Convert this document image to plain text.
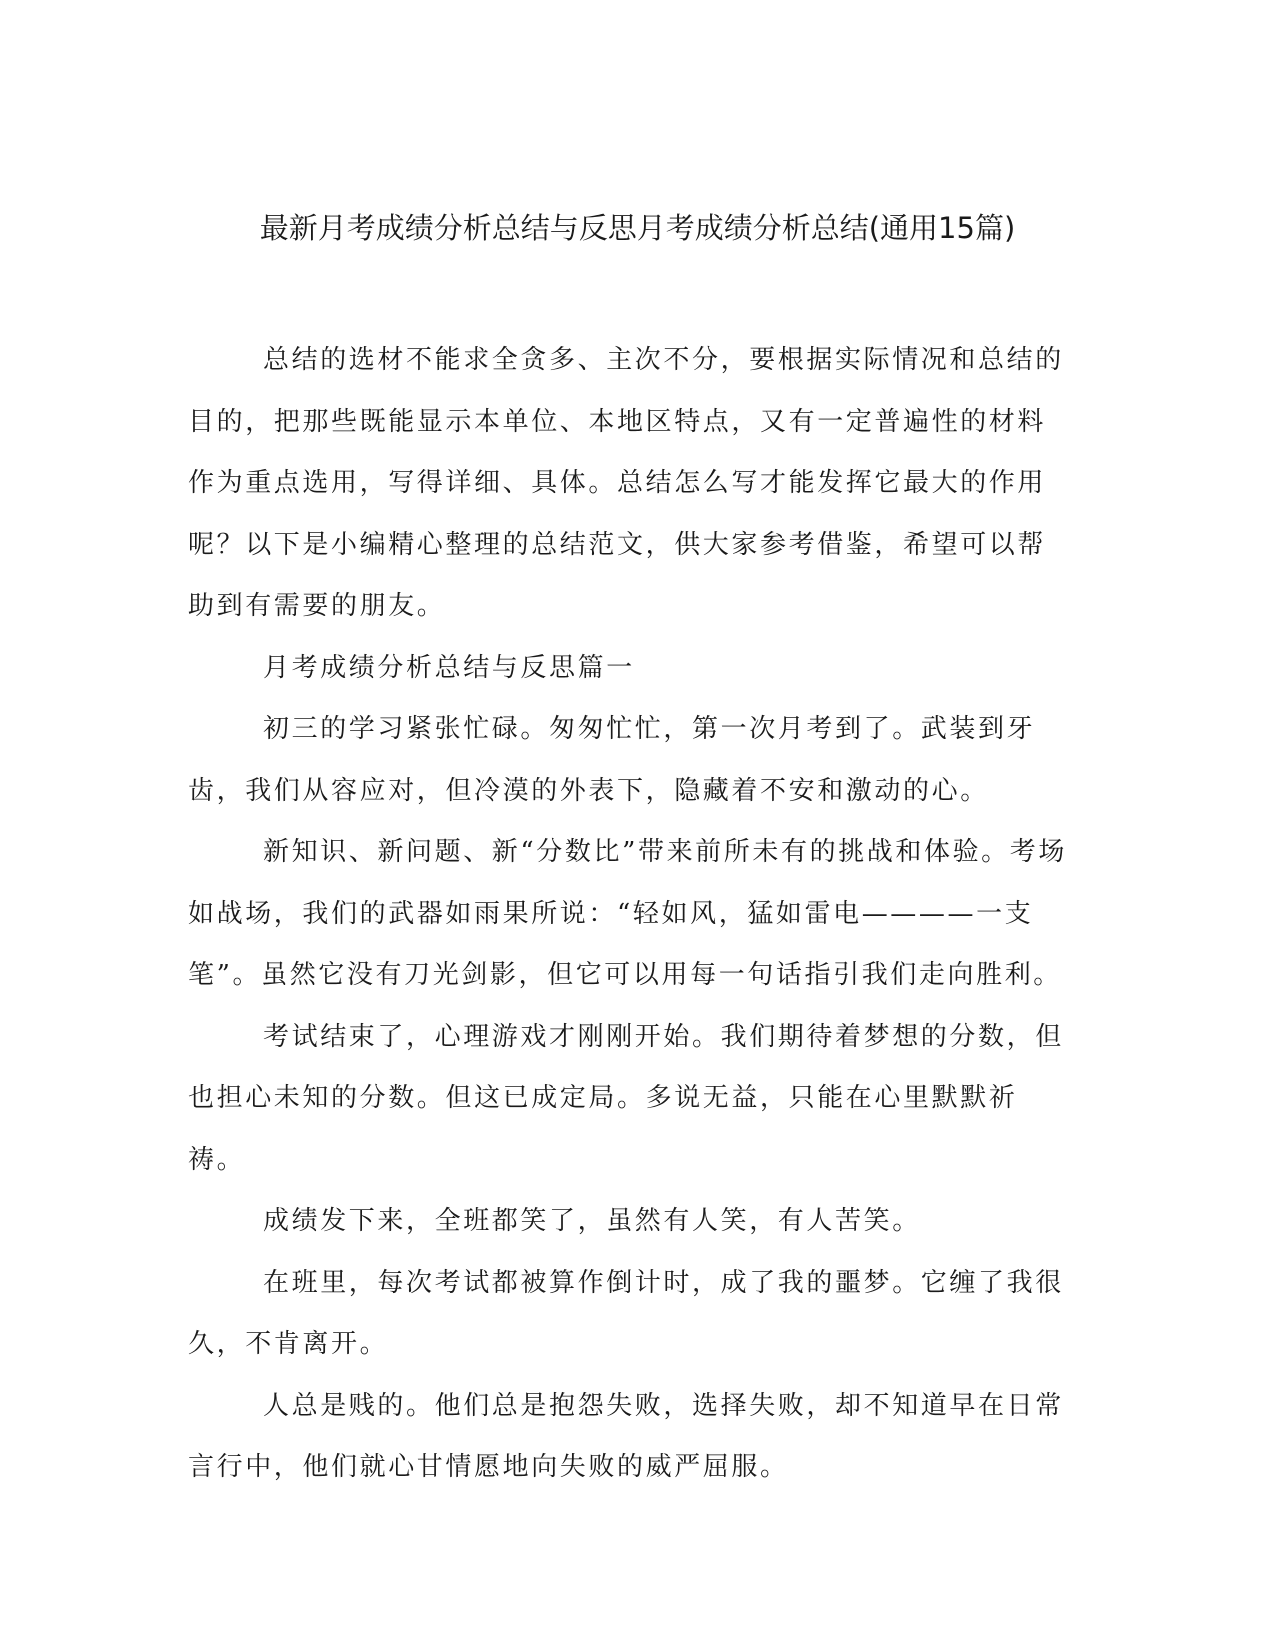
最新月考成绩分析总结与反思月考成绩分析总结(通用15篇)

总结的选材不能求全贪多、主次不分，要根据实际情况和总结的目的，把那些既能显示本单位、本地区特点，又有一定普遍性的材料作为重点选用，写得详细、具体。总结怎么写才能发挥它最大的作用呢？以下是小编精心整理的总结范文，供大家参考借鉴，希望可以帮助到有需要的朋友。

月考成绩分析总结与反思篇一

初三的学习紧张忙碌。匆匆忙忙，第一次月考到了。武装到牙齿，我们从容应对，但冷漠的外表下，隐藏着不安和激动的心。

新知识、新问题、新“分数比”带来前所未有的挑战和体验。考场如战场，我们的武器如雨果所说：“轻如风，猛如雷电————一支笔”。虽然它没有刀光剑影，但它可以用每一句话指引我们走向胜利。

考试结束了，心理游戏才刚刚开始。我们期待着梦想的分数，但也担心未知的分数。但这已成定局。多说无益，只能在心里默默祈祷。

成绩发下来，全班都笑了，虽然有人笑，有人苦笑。

在班里，每次考试都被算作倒计时，成了我的噩梦。它缠了我很久，不肯离开。

人总是贱的。他们总是抱怨失败，选择失败，却不知道早在日常言行中，他们就心甘情愿地向失败的威严屈服。
